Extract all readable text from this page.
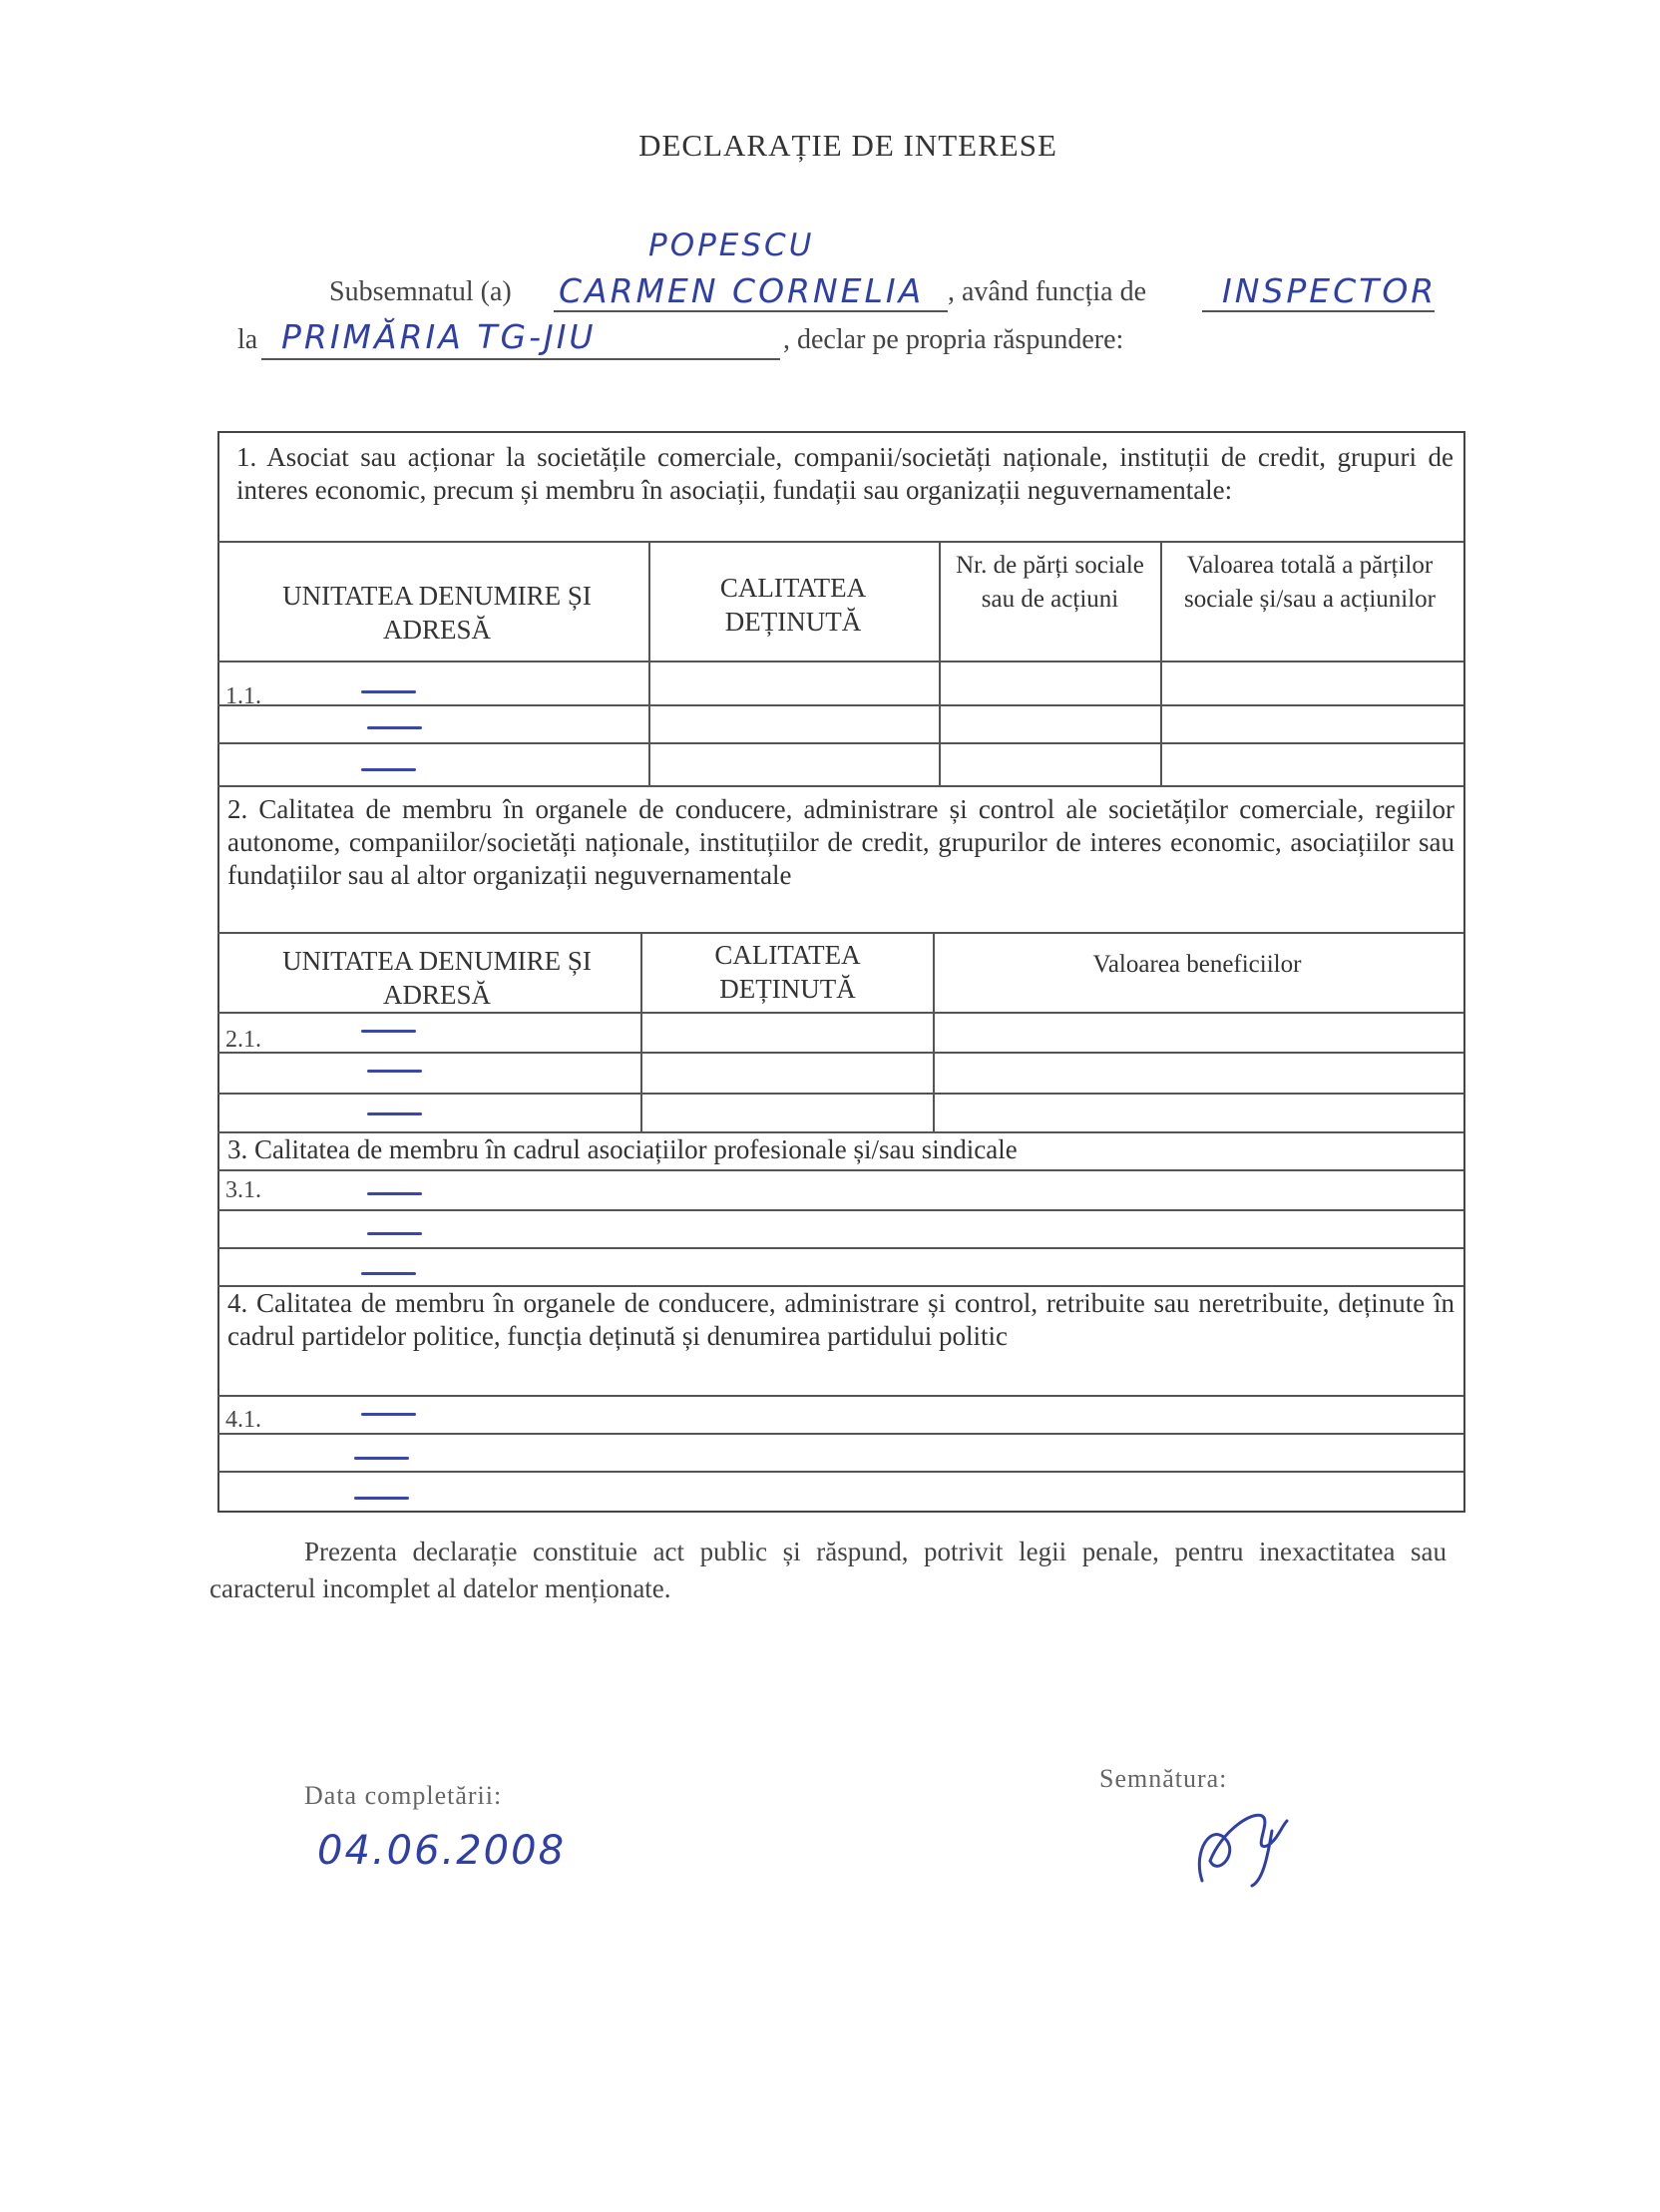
DECLARAȚIE DE INTERESE
POPESCU
Subsemnatul (a) CARMEN CORNELIA , având funcția de INSPECTOR
la PRIMĂRIA TG-JIU	, declar pe propria răspundere:
1. Asociat sau acționar la societățile comerciale, companii/societăți naționale, instituții de credit, grupuri de interes economic, precum și membru în asociații, fundații sau organizații neguvernamentale:
UNITATEA DENUMIRE ȘI ADRESĂ
CALITATEA DEȚINUTĂ
Nr. de părți sociale sau de acțiuni
Valoarea totală a părților sociale și/sau a acțiunilor
1.1.
2. Calitatea de membru în organele de conducere, administrare și control ale societăților comerciale, regiilor autonome, companiilor/societăți naționale, instituțiilor de credit, grupurilor de interes economic, asociațiilor sau fundațiilor sau al altor organizații neguvernamentale
UNITATEA DENUMIRE ȘI ADRESĂ
CALITATEA DEȚINUTĂ
Valoarea beneficiilor
2.1.
3. Calitatea de membru în cadrul asociațiilor profesionale și/sau sindicale
3.1.
4. Calitatea de membru în organele de conducere, administrare și control, retribuite sau neretribuite, deținute în cadrul partidelor politice, funcția deținută și denumirea partidului politic
4.1.
Prezenta declarație constituie act public și răspund, potrivit legii penale, pentru inexactitatea sau caracterul incomplet al datelor menționate.
Data completării:
04.06.2008
Semnătura:
